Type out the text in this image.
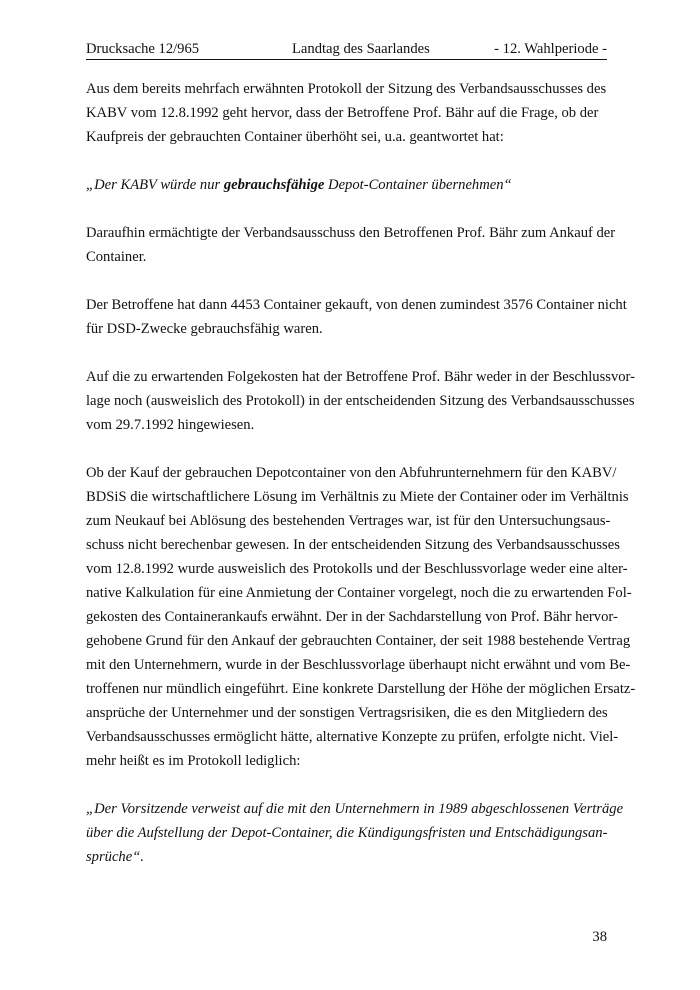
Drucksache 12/965	Landtag des Saarlandes	- 12. Wahlperiode -

Aus dem bereits mehrfach erwähnten Protokoll der Sitzung des Verbandsausschusses des
KABV vom 12.8.1992 geht hervor, dass der Betroffene Prof. Bähr auf die Frage, ob der
Kaufpreis der gebrauchten Container überhöht sei, u.a. geantwortet hat:

„Der KABV würde nur gebrauchsfähige Depot-Container übernehmen“

Daraufhin ermächtigte der Verbandsausschuss den Betroffenen Prof. Bähr zum Ankauf der
Container.

Der Betroffene hat dann 4453 Container gekauft, von denen zumindest 3576 Container nicht
für DSD-Zwecke gebrauchsfähig waren.

Auf die zu erwartenden Folgekosten hat der Betroffene Prof. Bähr weder in der Beschlussvor-
lage noch (ausweislich des Protokoll) in der entscheidenden Sitzung des Verbandsausschusses
vom 29.7.1992 hingewiesen.

Ob der Kauf der gebrauchen Depotcontainer von den Abfuhrunternehmern für den KABV/
BDSiS die wirtschaftlichere Lösung im Verhältnis zu Miete der Container oder im Verhältnis
zum Neukauf bei Ablösung des bestehenden Vertrages war, ist für den Untersuchungsaus-
schuss nicht berechenbar gewesen. In der entscheidenden Sitzung des Verbandsausschusses
vom 12.8.1992 wurde ausweislich des Protokolls und der Beschlussvorlage weder eine alter-
native Kalkulation für eine Anmietung der Container vorgelegt, noch die zu erwartenden Fol-
gekosten des Containerankaufs erwähnt. Der in der Sachdarstellung von Prof. Bähr hervor-
gehobene Grund für den Ankauf der gebrauchten Container, der seit 1988 bestehende Vertrag
mit den Unternehmern, wurde in der Beschlussvorlage überhaupt nicht erwähnt und vom Be-
troffenen nur mündlich eingeführt. Eine konkrete Darstellung der Höhe der möglichen Ersatz-
ansprüche der Unternehmer und der sonstigen Vertragsrisiken, die es den Mitgliedern des
Verbandsausschusses ermöglicht hätte, alternative Konzepte zu prüfen, erfolgte nicht. Viel-
mehr heißt es im Protokoll lediglich:

„Der Vorsitzende verweist auf die mit den Unternehmern in 1989 abgeschlossenen Verträge
über die Aufstellung der Depot-Container, die Kündigungsfristen und Entschädigungsan-
sprüche“.

38
